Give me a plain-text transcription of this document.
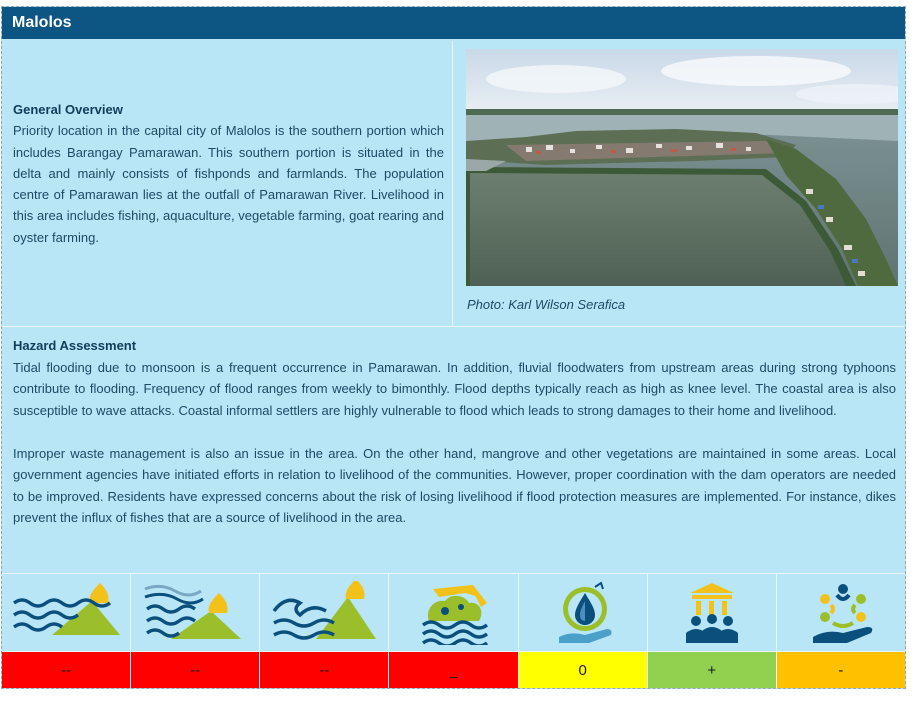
Malolos
General Overview
Priority location in the capital city of Malolos is the southern portion which includes Barangay Pamarawan. This southern portion is situated in the delta and mainly consists of fishponds and farmlands. The population centre of Pamarawan lies at the outfall of Pamarawan River. Livelihood in this area includes fishing, aquaculture, vegetable farming, goat rearing and oyster farming.
Photo: Karl Wilson Serafica
Hazard Assessment

Tidal flooding due to monsoon is a frequent occurrence in Pamarawan. In addition, fluvial floodwaters from upstream areas during strong typhoons contribute to flooding. Frequency of flood ranges from weekly to bimonthly. Flood depths typically reach as high as knee level. The coastal area is also susceptible to wave attacks. Coastal informal settlers are highly vulnerable to flood which leads to strong damages to their home and livelihood.

Improper waste management is also an issue in the area. On the other hand, mangrove and other vegetations are maintained in some areas. Local government agencies have initiated efforts in relation to livelihood of the communities. However, proper coordination with the dam operators are needed to be improved. Residents have expressed concerns about the risk of losing livelihood if flood protection measures are implemented. For instance, dikes prevent the influx of fishes that are a source of livelihood in the area.

--	--	--	_	0	+	-
